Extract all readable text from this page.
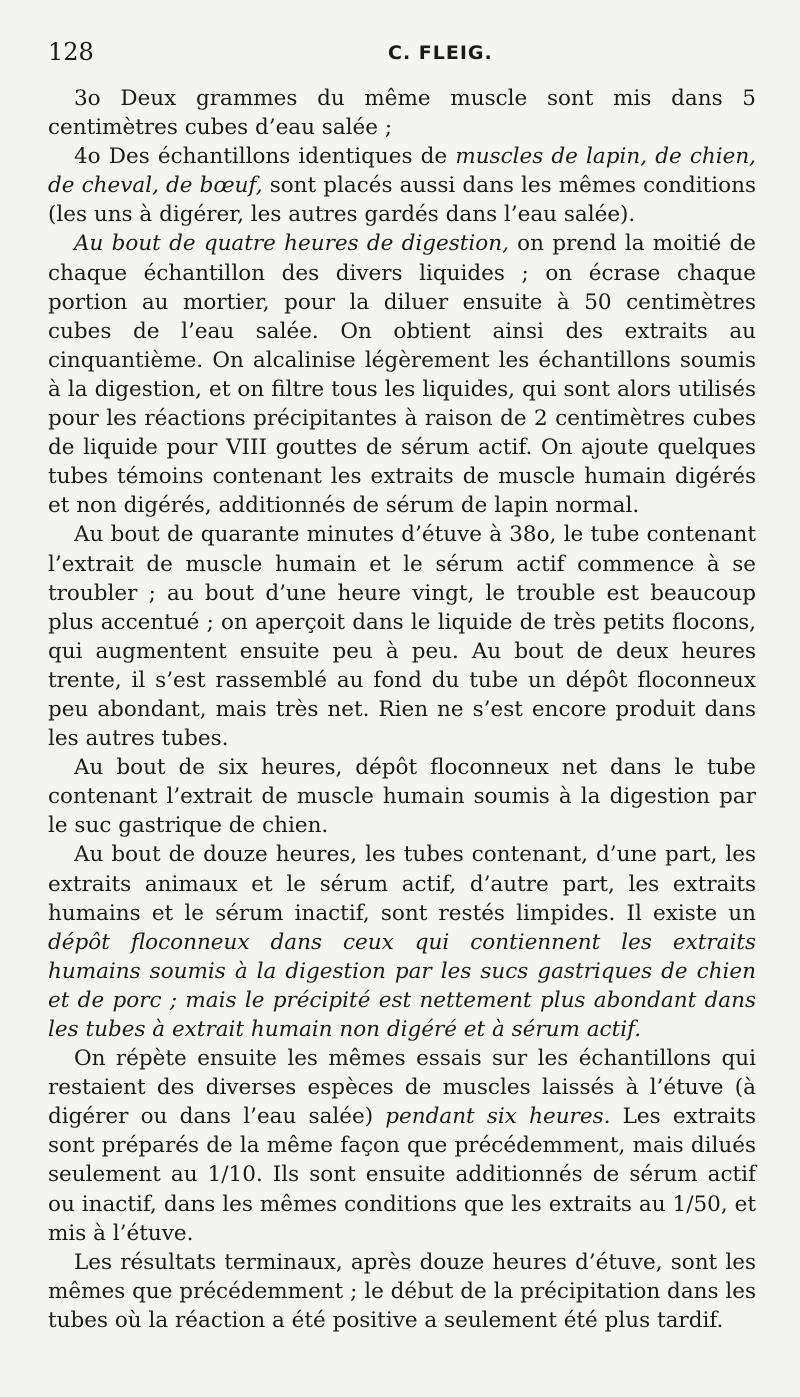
128	C. FLEIG.

3o Deux grammes du même muscle sont mis dans 5 centimètres cubes d’eau salée ;

4o Des échantillons identiques de muscles de lapin, de chien, de cheval, de bœuf, sont placés aussi dans les mêmes conditions (les uns à digérer, les autres gardés dans l’eau salée).

Au bout de quatre heures de digestion, on prend la moitié de chaque échantillon des divers liquides ; on écrase chaque portion au mortier, pour la diluer ensuite à 50 centimètres cubes de l’eau salée. On obtient ainsi des extraits au cinquantième. On alcalinise légèrement les échantillons soumis à la digestion, et on filtre tous les liquides, qui sont alors utilisés pour les réactions précipitantes à raison de 2 centimètres cubes de liquide pour VIII gouttes de sérum actif. On ajoute quelques tubes témoins contenant les extraits de muscle humain digérés et non digérés, additionnés de sérum de lapin normal.

Au bout de quarante minutes d’étuve à 38o, le tube contenant l’extrait de muscle humain et le sérum actif commence à se troubler ; au bout d’une heure vingt, le trouble est beaucoup plus accentué ; on aperçoit dans le liquide de très petits flocons, qui augmentent ensuite peu à peu. Au bout de deux heures trente, il s’est rassemblé au fond du tube un dépôt floconneux peu abondant, mais très net. Rien ne s’est encore produit dans les autres tubes.

Au bout de six heures, dépôt floconneux net dans le tube contenant l’extrait de muscle humain soumis à la digestion par le suc gastrique de chien.

Au bout de douze heures, les tubes contenant, d’une part, les extraits animaux et le sérum actif, d’autre part, les extraits humains et le sérum inactif, sont restés limpides. Il existe un dépôt floconneux dans ceux qui contiennent les extraits humains soumis à la digestion par les sucs gastriques de chien et de porc ; mais le précipité est nettement plus abondant dans les tubes à extrait humain non digéré et à sérum actif.

On répète ensuite les mêmes essais sur les échantillons qui restaient des diverses espèces de muscles laissés à l’étuve (à digérer ou dans l’eau salée) pendant six heures. Les extraits sont préparés de la même façon que précédemment, mais dilués seulement au 1/10. Ils sont ensuite additionnés de sérum actif ou inactif, dans les mêmes conditions que les extraits au 1/50, et mis à l’étuve.

Les résultats terminaux, après douze heures d’étuve, sont les mêmes que précédemment ; le début de la précipitation dans les tubes où la réaction a été positive a seulement été plus tardif.
